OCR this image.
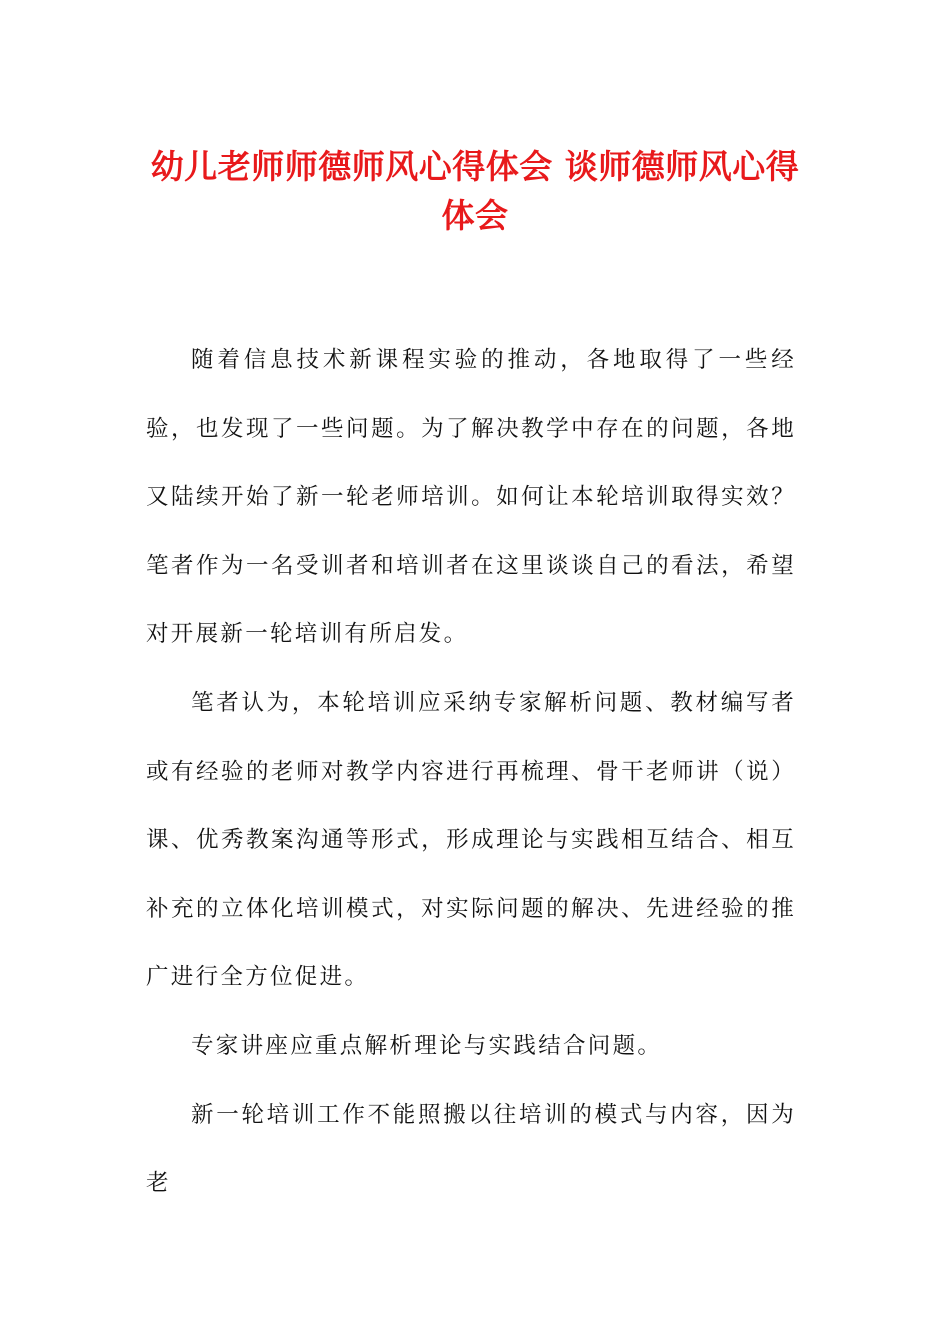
幼儿老师师德师风心得体会 谈师德师风心得体会

随着信息技术新课程实验的推动，各地取得了一些经验，也发现了一些问题。为了解决教学中存在的问题，各地又陆续开始了新一轮老师培训。如何让本轮培训取得实效？笔者作为一名受训者和培训者在这里谈谈自己的看法，希望对开展新一轮培训有所启发。

笔者认为，本轮培训应采纳专家解析问题、教材编写者或有经验的老师对教学内容进行再梳理、骨干老师讲（说）课、优秀教案沟通等形式，形成理论与实践相互结合、相互补充的立体化培训模式，对实际问题的解决、先进经验的推广进行全方位促进。

专家讲座应重点解析理论与实践结合问题。

新一轮培训工作不能照搬以往培训的模式与内容，因为老
